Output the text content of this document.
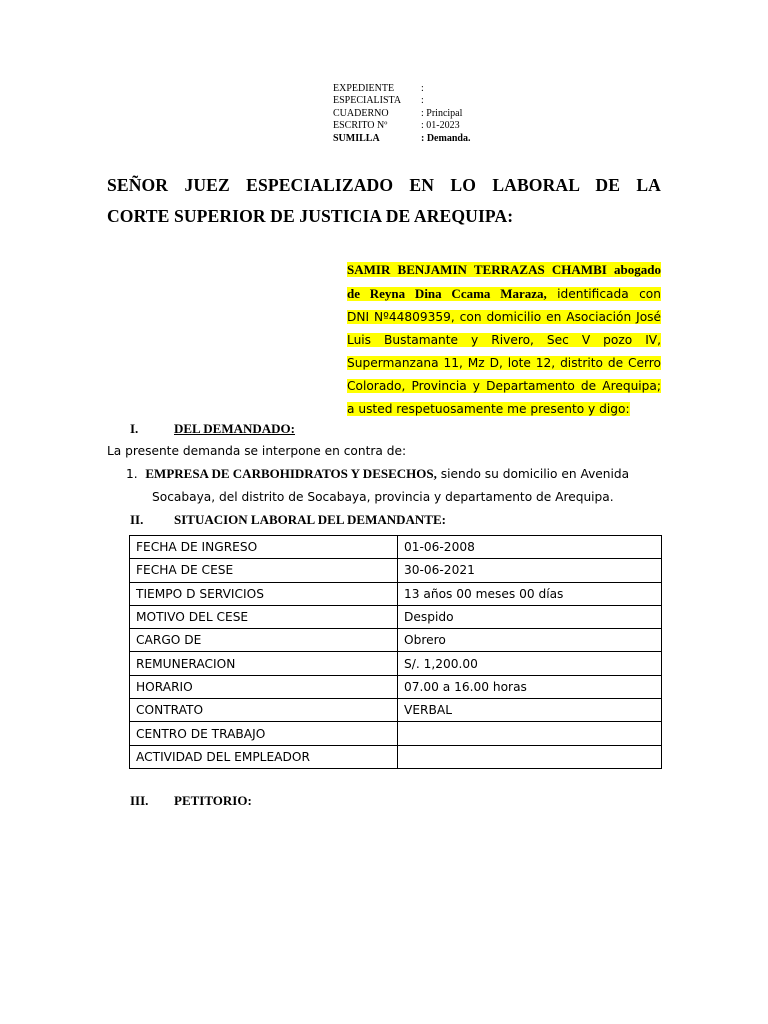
EXPEDIENTE	:
ESPECIALISTA	:
CUADERNO	: Principal
ESCRITO Nº	: 01-2023
SUMILLA	: Demanda.
SEÑOR JUEZ ESPECIALIZADO EN LO LABORAL DE LA
CORTE SUPERIOR DE JUSTICIA DE AREQUIPA:
SAMIR BENJAMIN TERRAZAS CHAMBI abogado
de Reyna Dina Ccama Maraza, identificada con
DNI Nº44809359, con domicilio en Asociación José
Luis Bustamante y Rivero, Sec V pozo IV,
Supermanzana 11, Mz D, lote 12, distrito de Cerro
Colorado, Provincia y Departamento de Arequipa;
a usted respetuosamente me presento y digo:
I.	DEL DEMANDADO:
La presente demanda se interpone en contra de:
1. EMPRESA DE CARBOHIDRATOS Y DESECHOS, siendo su domicilio en Avenida
Socabaya, del distrito de Socabaya, provincia y departamento de Arequipa.
II. SITUACION LABORAL DEL DEMANDANTE:
FECHA DE INGRESO	01-06-2008
FECHA DE CESE	30-06-2021
TIEMPO D SERVICIOS	13 años 00 meses 00 días
MOTIVO DEL CESE	Despido
CARGO DE	Obrero
REMUNERACION	S/. 1,200.00
HORARIO	07.00 a 16.00 horas
CONTRATO	VERBAL
CENTRO DE TRABAJO	
ACTIVIDAD DEL EMPLEADOR	
III. PETITORIO:
